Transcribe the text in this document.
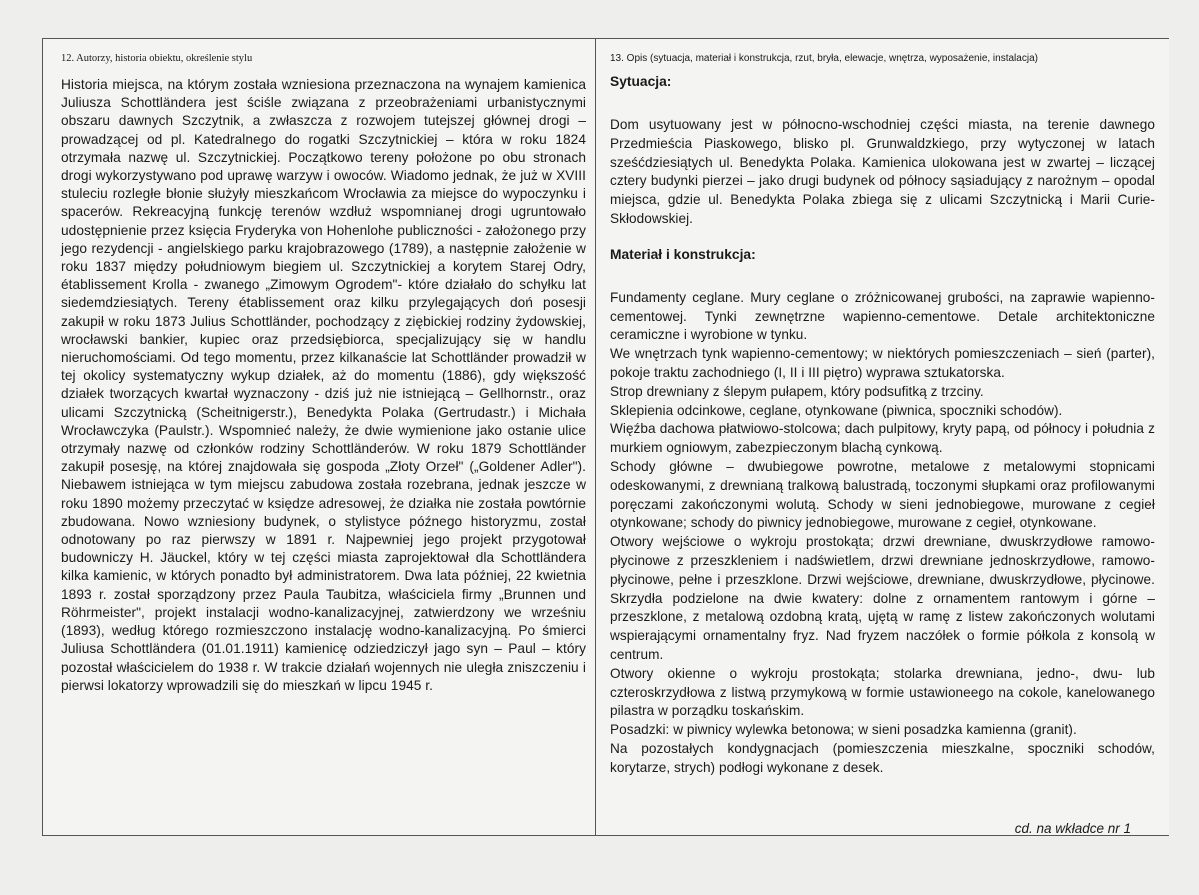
12. Autorzy, historia obiektu, określenie stylu

Historia miejsca, na którym została wzniesiona przeznaczona na wynajem kamienica Juliusza Schottländera jest ściśle związana z przeobrażeniami urbanistycznymi obszaru dawnych Szczytnik, a zwłaszcza z rozwojem tutejszej głównej drogi – prowadzącej od pl. Katedralnego do rogatki Szczytnickiej – która w roku 1824 otrzymała nazwę ul. Szczytnickiej. Początkowo tereny położone po obu stronach drogi wykorzystywano pod uprawę warzyw i owoców. Wiadomo jednak, że już w XVIII stuleciu rozległe błonie służyły mieszkańcom Wrocławia za miejsce do wypoczynku i spacerów. Rekreacyjną funkcję terenów wzdłuż wspomnianej drogi ugruntowało udostępnienie przez księcia Fryderyka von Hohenlohe publiczności - założonego przy jego rezydencji - angielskiego parku krajobrazowego (1789), a następnie założenie w roku 1837 między południowym biegiem ul. Szczytnickiej a korytem Starej Odry, établissement Krolla - zwanego „Zimowym Ogrodem"- które działało do schyłku lat siedemdziesiątych. Tereny établissement oraz kilku przylegających doń posesji zakupił w roku 1873 Julius Schottländer, pochodzący z ziębickiej rodziny żydowskiej, wrocławski bankier, kupiec oraz przedsiębiorca, specjalizujący się w handlu nieruchomościami. Od tego momentu, przez kilkanaście lat Schottländer prowadził w tej okolicy systematyczny wykup działek, aż do momentu (1886), gdy większość działek tworzących kwartał wyznaczony - dziś już nie istniejącą – Gellhornstr., oraz ulicami Szczytnicką (Scheitnigerstr.), Benedykta Polaka (Gertrudastr.) i Michała Wrocławczyka (Paulstr.). Wspomnieć należy, że dwie wymienione jako ostanie ulice otrzymały nazwę od członków rodziny Schottländerów. W roku 1879 Schottländer zakupił posesję, na której znajdowała się gospoda „Złoty Orzeł" („Goldener Adler"). Niebawem istniejąca w tym miejscu zabudowa została rozebrana, jednak jeszcze w roku 1890 możemy przeczytać w księdze adresowej, że działka nie została powtórnie zbudowana. Nowo wzniesiony budynek, o stylistyce późnego historyzmu, został odnotowany po raz pierwszy w 1891 r. Najpewniej jego projekt przygotował budowniczy H. Jäuckel, który w tej części miasta zaprojektował dla Schottländera kilka kamienic, w których ponadto był administratorem. Dwa lata później, 22 kwietnia 1893 r. został sporządzony przez Paula Taubitza, właściciela firmy „Brunnen und Röhrmeister", projekt instalacji wodno-kanalizacyjnej, zatwierdzony we wrześniu (1893), według którego rozmieszczono instalację wodno-kanalizacyjną. Po śmierci Juliusa Schottländera (01.01.1911) kamienicę odziedziczył jago syn – Paul – który pozostał właścicielem do 1938 r. W trakcie działań wojennych nie uległa zniszczeniu i pierwsi lokatorzy wprowadzili się do mieszkań w lipcu 1945 r.

13. Opis (sytuacja, materiał i konstrukcja, rzut, bryła, elewacje, wnętrza, wyposażenie, instalacja)
Sytuacja:

Dom usytuowany jest w północno-wschodniej części miasta, na terenie dawnego Przedmieścia Piaskowego, blisko pl. Grunwaldzkiego, przy wytyczonej w latach sześćdziesiątych ul. Benedykta Polaka. Kamienica ulokowana jest w zwartej – liczącej cztery budynki pierzei – jako drugi budynek od północy sąsiadujący z narożnym – opodal miejsca, gdzie ul. Benedykta Polaka zbiega się z ulicami Szczytnicką i Marii Curie-Skłodowskiej.

Materiał i konstrukcja:

Fundamenty ceglane. Mury ceglane o zróżnicowanej grubości, na zaprawie wapienno-cementowej. Tynki zewnętrzne wapienno-cementowe. Detale architektoniczne ceramiczne i wyrobione w tynku.

We wnętrzach tynk wapienno-cementowy; w niektórych pomieszczeniach – sień (parter), pokoje traktu zachodniego (I, II i III piętro) wyprawa sztukatorska.

Strop drewniany z ślepym pułapem, który podsufitką z trzciny.

Sklepienia odcinkowe, ceglane, otynkowane (piwnica, spoczniki schodów).

Więźba dachowa płatwiowo-stolcowa; dach pulpitowy, kryty papą, od północy i południa z murkiem ogniowym, zabezpieczonym blachą cynkową.

Schody główne – dwubiegowe powrotne, metalowe z metalowymi stopnicami odeskowanymi, z drewnianą tralkową balustradą, toczonymi słupkami oraz profilowanymi poręczami zakończonymi wolutą. Schody w sieni jednobiegowe, murowane z cegieł otynkowane; schody do piwnicy jednobiegowe, murowane z cegieł, otynkowane.

Otwory wejściowe o wykroju prostokąta; drzwi drewniane, dwuskrzydłowe ramowo-płycinowe z przeszkleniem i nadświetlem, drzwi drewniane jednoskrzydłowe, ramowo-płycinowe, pełne i przeszklone. Drzwi wejściowe, drewniane, dwuskrzydłowe, płycinowe. Skrzydła podzielone na dwie kwatery: dolne z ornamentem rantowym i górne – przeszklone, z metalową ozdobną kratą, ujętą w ramę z listew zakończonych wolutami wspierającymi ornamentalny fryz. Nad fryzem naczółek o formie półkola z konsolą w centrum.

Otwory okienne o wykroju prostokąta; stolarka drewniana, jedno-, dwu- lub czteroskrzydłowa z listwą przymykową w formie ustawioneego na cokole, kanelowanego pilastra w porządku toskańskim.

Posadzki: w piwnicy wylewka betonowa; w sieni posadzka kamienna (granit).

Na pozostałych kondygnacjach (pomieszczenia mieszkalne, spoczniki schodów, korytarze, strych) podłogi wykonane z desek.

cd. na wkładce nr 1
